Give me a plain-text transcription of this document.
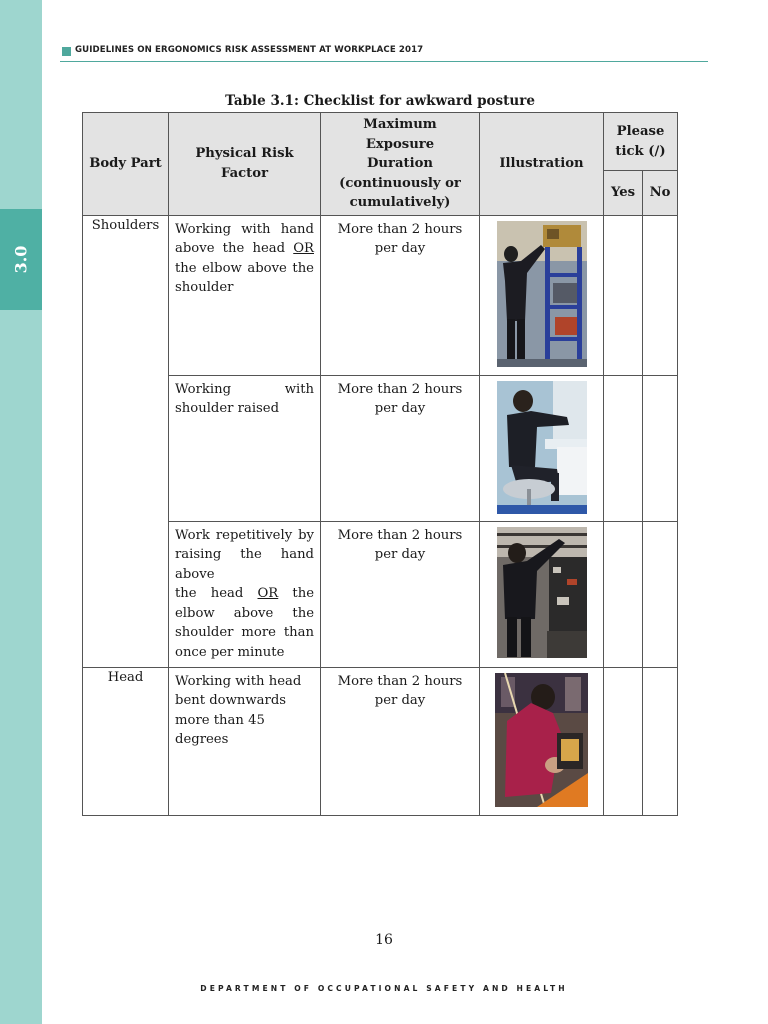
3.0
GUIDELINES ON ERGONOMICS RISK ASSESSMENT AT WORKPLACE 2017
Table 3.1: Checklist for awkward posture
Body Part	Physical Risk Factor	Maximum Exposure Duration (continuously or cumulatively)	Illustration	Please tick (/)	

				Yes	No

Shoulders	Working with hand above the head OR the elbow above the shoulder	More than 2 hours per day

	Working with shoulder raised	More than 2 hours per day

	Work repetitively by raising the hand above
the head OR the elbow above the shoulder more than once per minute	More than 2 hours per day

Head	Working with head bent downwards more than 45 degrees	More than 2 hours per day

16
DEPARTMENT OF OCCUPATIONAL SAFETY AND HEALTH
